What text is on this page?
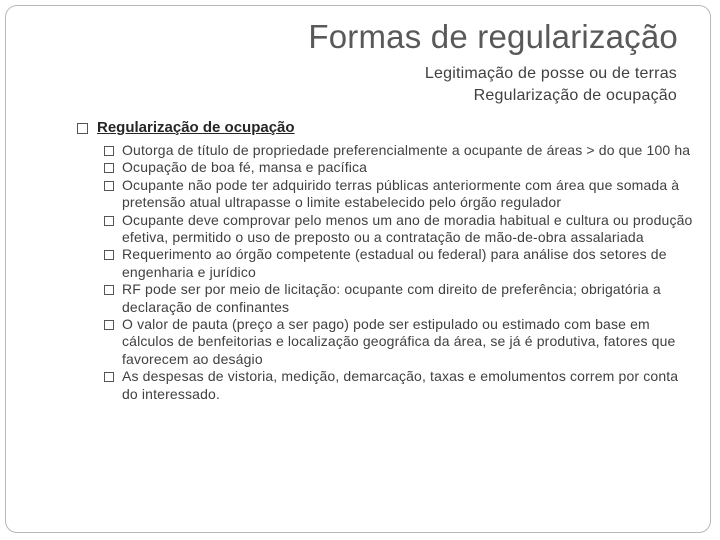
Formas de regularização
Legitimação de posse ou de terras
Regularização de ocupação
Regularização de ocupação
Outorga de título de propriedade preferencialmente a ocupante de áreas > do que 100 ha
Ocupação de boa fé, mansa e pacífica
Ocupante não pode ter adquirido terras públicas anteriormente com área que somada à pretensão atual ultrapasse o limite estabelecido pelo órgão regulador
Ocupante deve comprovar pelo menos um ano de moradia habitual e cultura ou produção efetiva, permitido o uso de preposto ou a contratação de mão-de-obra assalariada
Requerimento ao órgão competente (estadual ou federal) para análise dos setores de engenharia e jurídico
RF pode ser por meio de licitação: ocupante com direito de preferência; obrigatória a declaração de confinantes
O valor de pauta (preço a ser pago) pode ser estipulado ou estimado com base em cálculos de benfeitorias e localização geográfica da área, se já é produtiva, fatores que favorecem ao deságio
As despesas de vistoria, medição, demarcação, taxas e emolumentos correm por conta do interessado.
